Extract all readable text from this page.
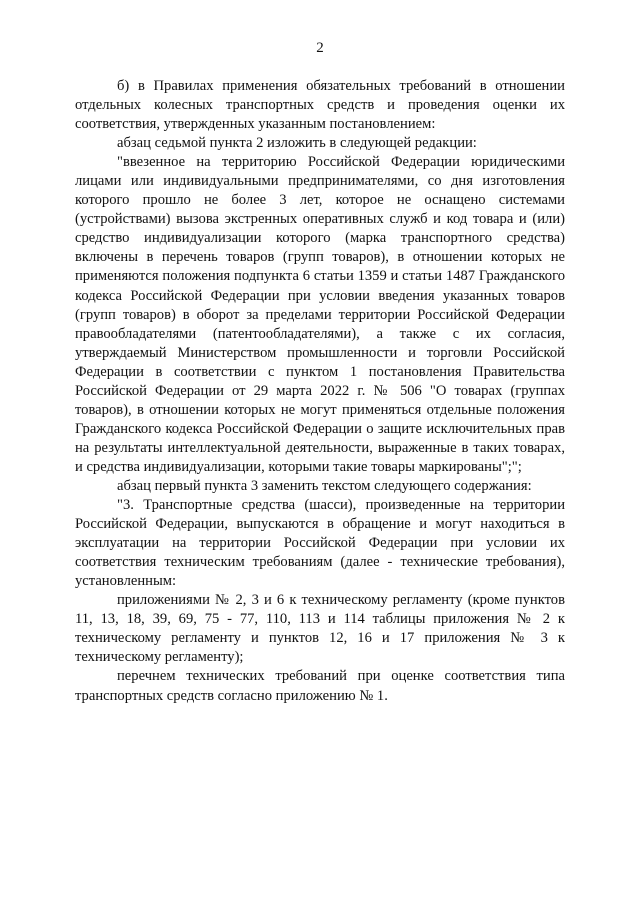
2

б) в Правилах применения обязательных требований в отношении отдельных колесных транспортных средств и проведения оценки их соответствия, утвержденных указанным постановлением:

абзац седьмой пункта 2 изложить в следующей редакции:

"ввезенное на территорию Российской Федерации юридическими лицами или индивидуальными предпринимателями, со дня изготовления которого прошло не более 3 лет, которое не оснащено системами (устройствами) вызова экстренных оперативных служб и код товара и (или) средство индивидуализации которого (марка транспортного средства) включены в перечень товаров (групп товаров), в отношении которых не применяются положения подпункта 6 статьи 1359 и статьи 1487 Гражданского кодекса Российской Федерации при условии введения указанных товаров (групп товаров) в оборот за пределами территории Российской Федерации правообладателями (патентообладателями), а также с их согласия, утверждаемый Министерством промышленности и торговли Российской Федерации в соответствии с пунктом 1 постановления Правительства Российской Федерации от 29 марта 2022 г. № 506 "О товарах (группах товаров), в отношении которых не могут применяться отдельные положения Гражданского кодекса Российской Федерации о защите исключительных прав на результаты интеллектуальной деятельности, выраженные в таких товарах, и средства индивидуализации, которыми такие товары маркированы";";

абзац первый пункта 3 заменить текстом следующего содержания:

"3. Транспортные средства (шасси), произведенные на территории Российской Федерации, выпускаются в обращение и могут находиться в эксплуатации на территории Российской Федерации при условии их соответствия техническим требованиям (далее - технические требования), установленным:

приложениями № 2, 3 и 6 к техническому регламенту (кроме пунктов 11, 13, 18, 39, 69, 75 - 77, 110, 113 и 114 таблицы приложения № 2 к техническому регламенту и пунктов 12, 16 и 17 приложения № 3 к техническому регламенту);

перечнем технических требований при оценке соответствия типа транспортных средств согласно приложению № 1.
